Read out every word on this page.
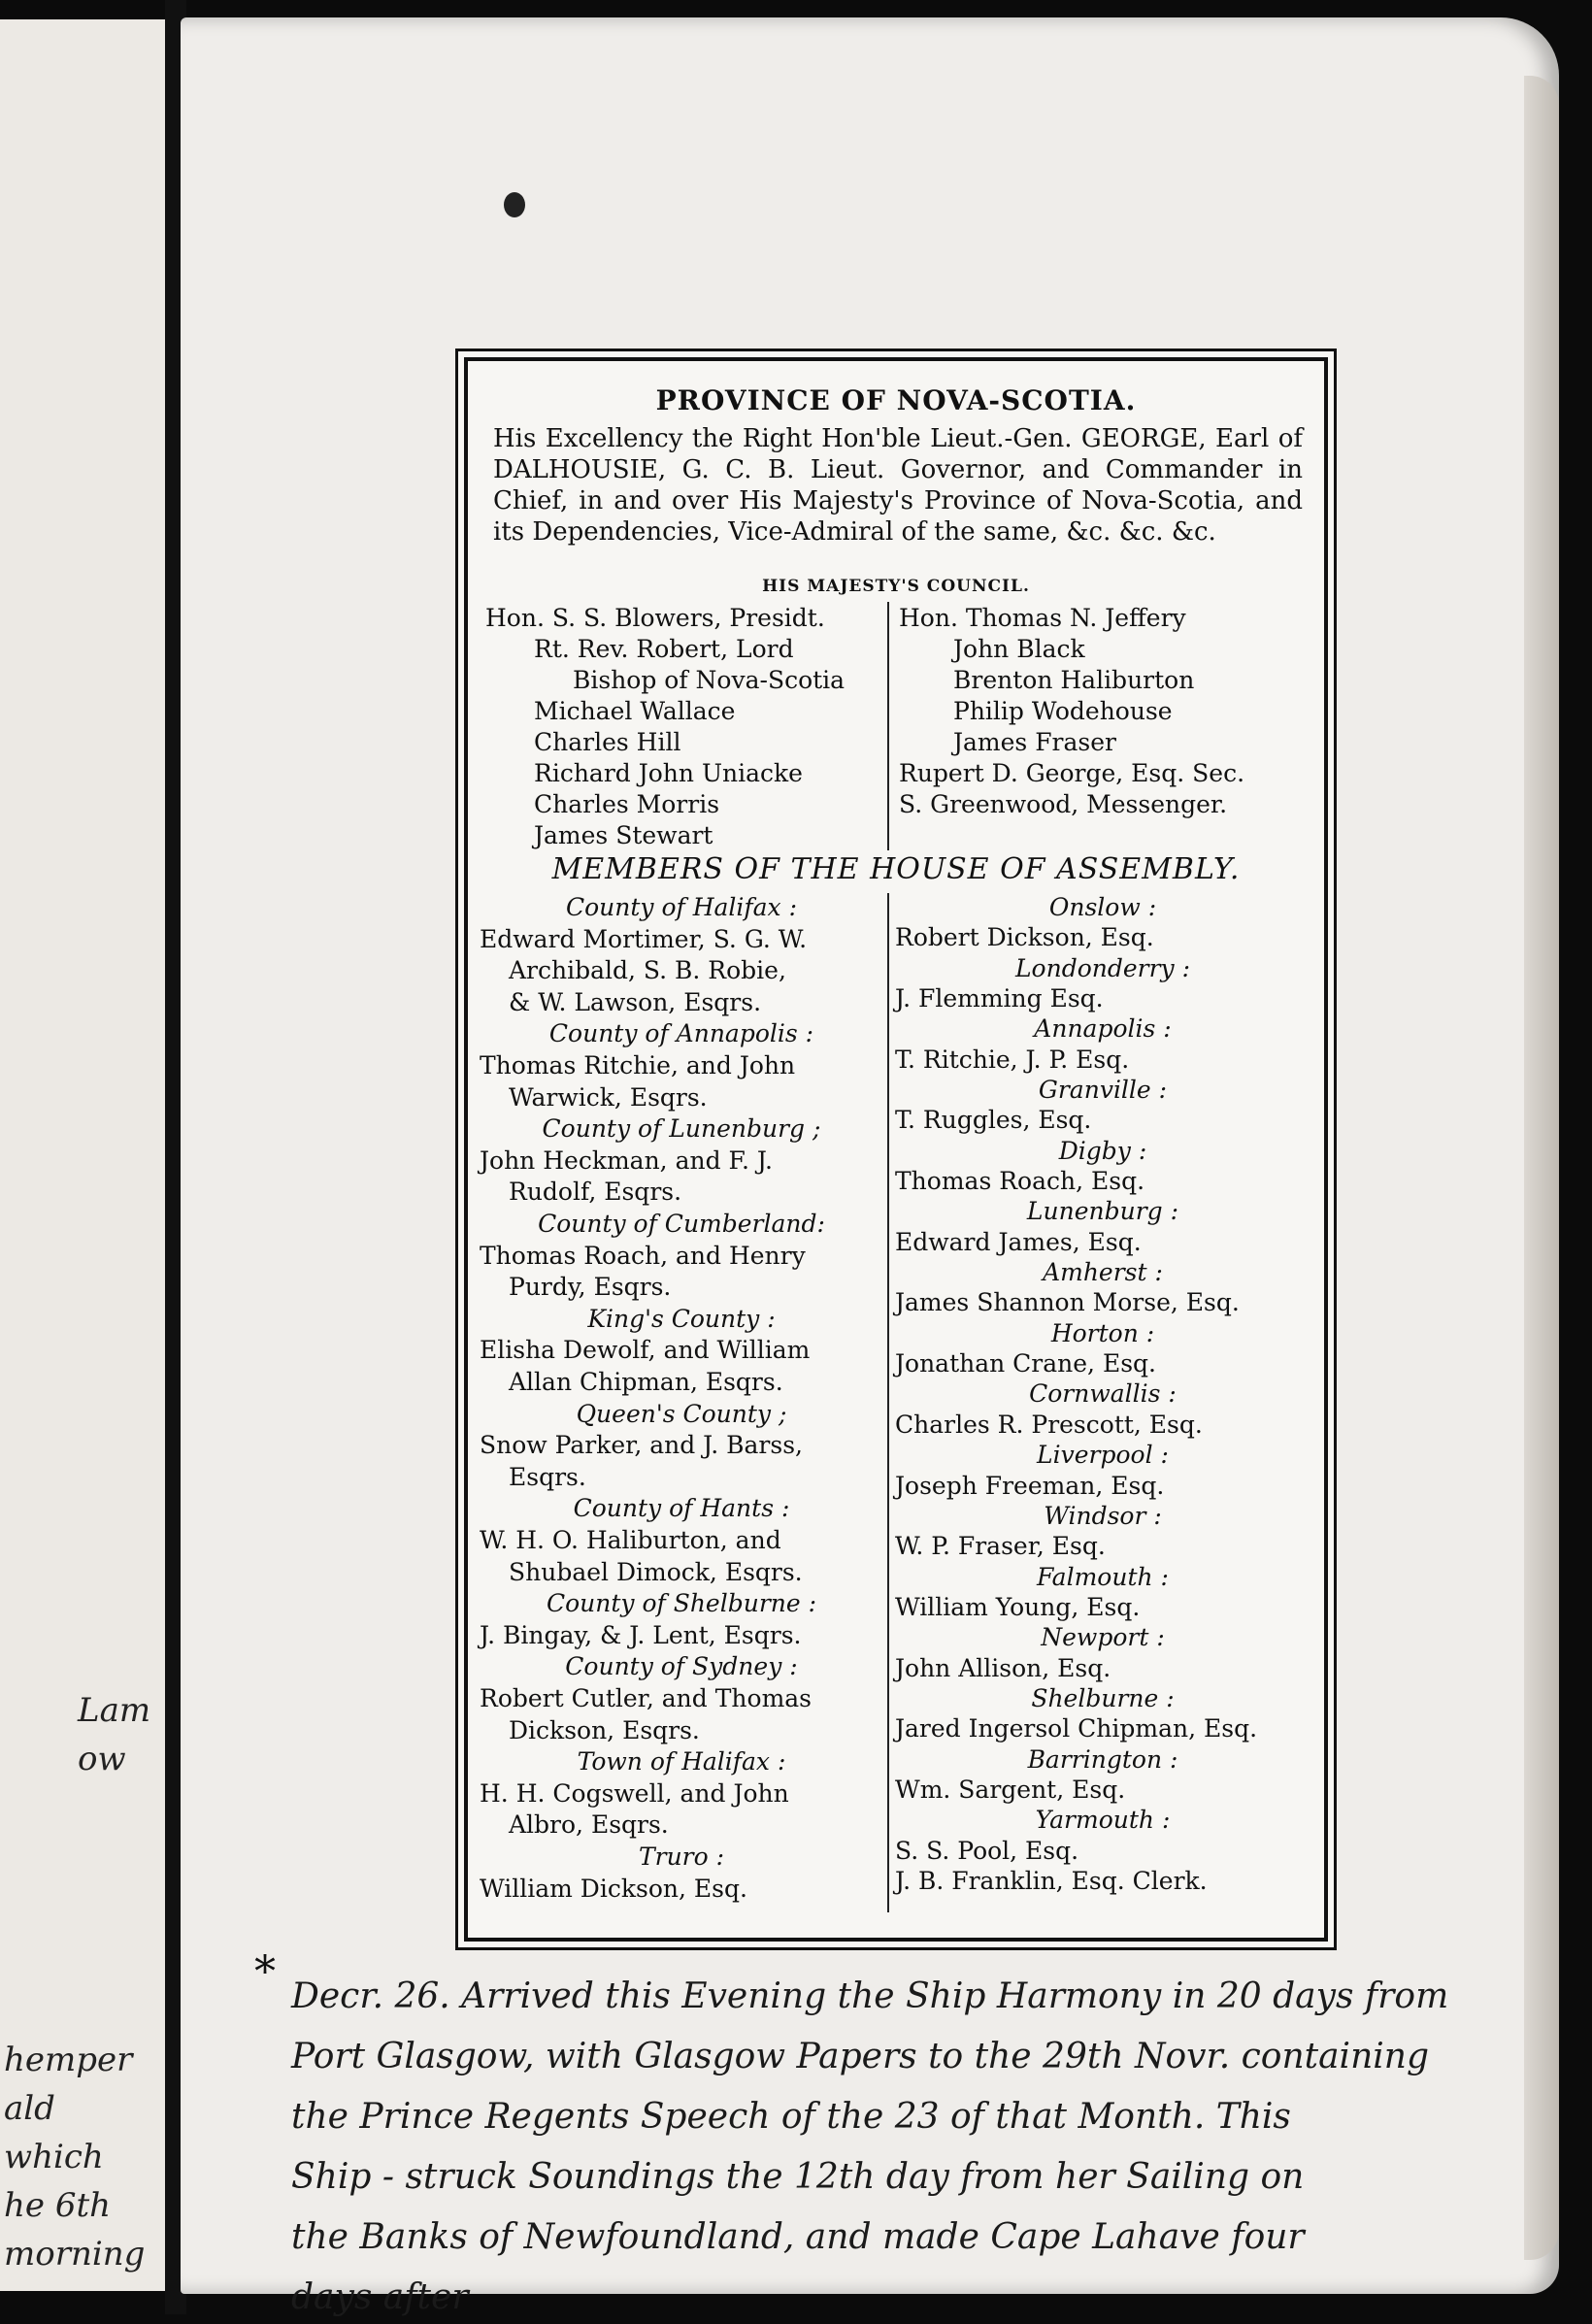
Lam
ow
hemper
ald
which
he 6th
morning
PROVINCE OF NOVA-SCOTIA.
His Excellency the Right Hon'ble Lieut.-Gen. GEORGE, Earl of DALHOUSIE, G. C. B. Lieut. Governor, and Commander in Chief, in and over His Majesty's Province of Nova-Scotia, and its Dependencies, Vice-Admiral of the same, &c. &c. &c.
HIS MAJESTY'S COUNCIL.
Hon. S. S. Blowers, Presidt.
Rt. Rev. Robert, Lord
Bishop of Nova-Scotia
Michael Wallace
Charles Hill
Richard John Uniacke
Charles Morris
James Stewart
Hon. Thomas N. Jeffery
John Black
Brenton Haliburton
Philip Wodehouse
James Fraser
Rupert D. George, Esq. Sec.
S. Greenwood, Messenger.
MEMBERS OF THE HOUSE OF ASSEMBLY.
County of Halifax :
Edward Mortimer, S. G. W.
Archibald, S. B. Robie,
& W. Lawson, Esqrs.
County of Annapolis :
Thomas Ritchie, and John
Warwick, Esqrs.
County of Lunenburg ;
John Heckman, and F. J.
Rudolf, Esqrs.
County of Cumberland:
Thomas Roach, and Henry
Purdy, Esqrs.
King's County :
Elisha Dewolf, and William
Allan Chipman, Esqrs.
Queen's County ;
Snow Parker, and J. Barss,
Esqrs.
County of Hants :
W. H. O. Haliburton, and
Shubael Dimock, Esqrs.
County of Shelburne :
J. Bingay, & J. Lent, Esqrs.
County of Sydney :
Robert Cutler, and Thomas
Dickson, Esqrs.
Town of Halifax :
H. H. Cogswell, and John
Albro, Esqrs.
Truro :
William Dickson, Esq.
Onslow :
Robert Dickson, Esq.
Londonderry :
J. Flemming Esq.
Annapolis :
T. Ritchie, J. P. Esq.
Granville :
T. Ruggles, Esq.
Digby :
Thomas Roach, Esq.
Lunenburg :
Edward James, Esq.
Amherst :
James Shannon Morse, Esq.
Horton :
Jonathan Crane, Esq.
Cornwallis :
Charles R. Prescott, Esq.
Liverpool :
Joseph Freeman, Esq.
Windsor :
W. P. Fraser, Esq.
Falmouth :
William Young, Esq.
Newport :
John Allison, Esq.
Shelburne :
Jared Ingersol Chipman, Esq.
Barrington :
Wm. Sargent, Esq.
Yarmouth :
S. S. Pool, Esq.
J. B. Franklin, Esq. Clerk.
* Decr. 26. Arrived this Evening the Ship Harmony in 20 days from
Port Glasgow, with Glasgow Papers to the 29th Novr. containing
the Prince Regents Speech of the 23 of that Month. This
Ship - struck Soundings the 12th day from her Sailing on
the Banks of Newfoundland, and made Cape Lahave four
days after
